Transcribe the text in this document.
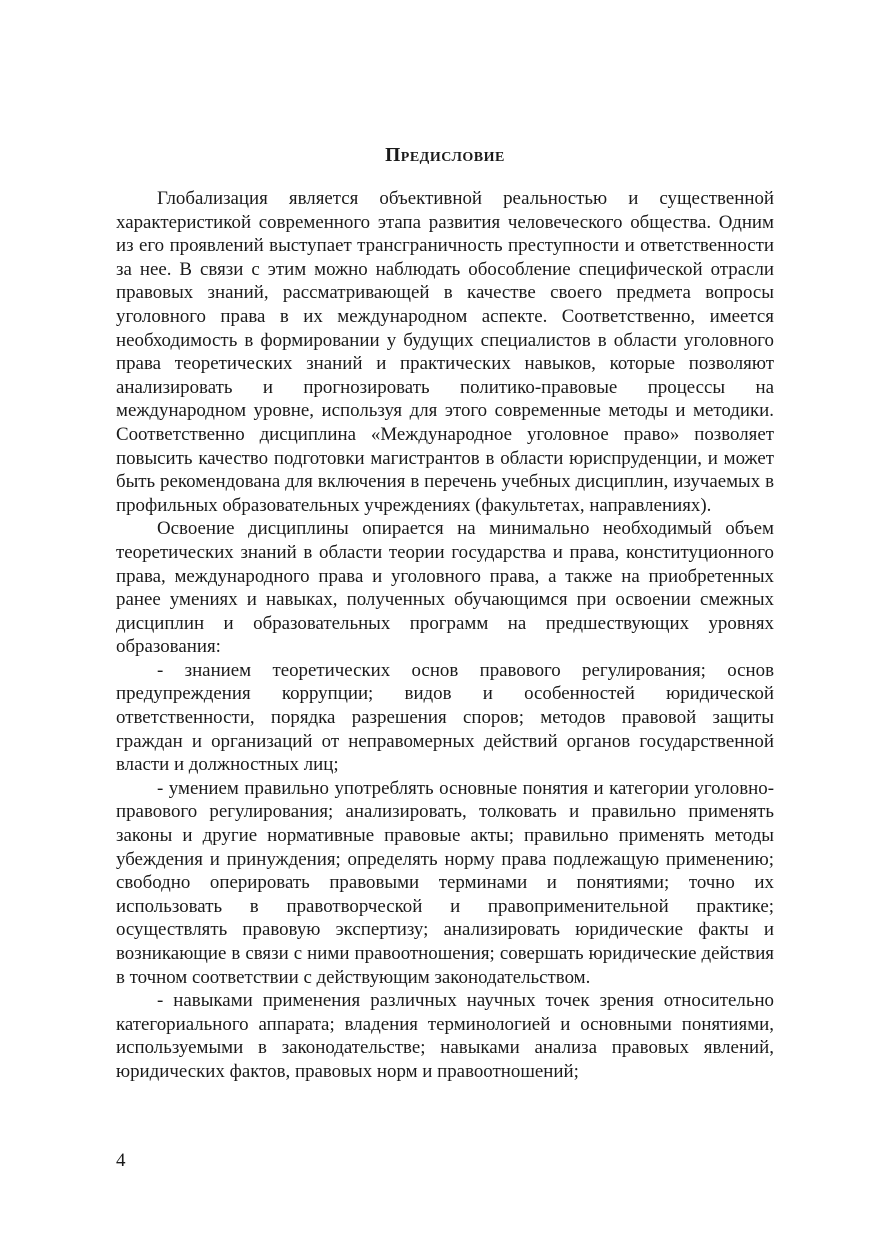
Предисловие

Глобализация является объективной реальностью и существенной характеристикой современного этапа развития человеческого общества. Одним из его проявлений выступает трансграничность преступности и ответственности за нее. В связи с этим можно наблюдать обособление специфической отрасли правовых знаний, рассматривающей в качестве своего предмета вопросы уголовного права в их международном аспекте. Соответственно, имеется необходимость в формировании у будущих специалистов в области уголовного права теоретических знаний и практических навыков, которые позволяют анализировать и прогнозировать политико-правовые процессы на международном уровне, используя для этого современные методы и методики. Соответственно дисциплина «Международное уголовное право» позволяет повысить качество подготовки магистрантов в области юриспруденции, и может быть рекомендована для включения в перечень учебных дисциплин, изучаемых в профильных образовательных учреждениях (факультетах, направлениях).

Освоение дисциплины опирается на минимально необходимый объем теоретических знаний в области теории государства и права, конституционного права, международного права и уголовного права, а также на приобретенных ранее умениях и навыках, полученных обучающимся при освоении смежных дисциплин и образовательных программ на предшествующих уровнях образования:

- знанием теоретических основ правового регулирования; основ предупреждения коррупции; видов и особенностей юридической ответственности, порядка разрешения споров; методов правовой защиты граждан и организаций от неправомерных действий органов государственной власти и должностных лиц;

- умением правильно употреблять основные понятия и категории уголовно-правового регулирования; анализировать, толковать и правильно применять законы и другие нормативные правовые акты; правильно применять методы убеждения и принуждения; определять норму права подлежащую применению; свободно оперировать правовыми терминами и понятиями; точно их использовать в правотворческой и правоприменительной практике; осуществлять правовую экспертизу; анализировать юридические факты и возникающие в связи с ними правоотношения; совершать юридические действия в точном соответствии с действующим законодательством.

- навыками применения различных научных точек зрения относительно категориального аппарата; владения терминологией и основными понятиями, используемыми в законодательстве; навыками анализа правовых явлений, юридических фактов, правовых норм и правоотношений;

4
